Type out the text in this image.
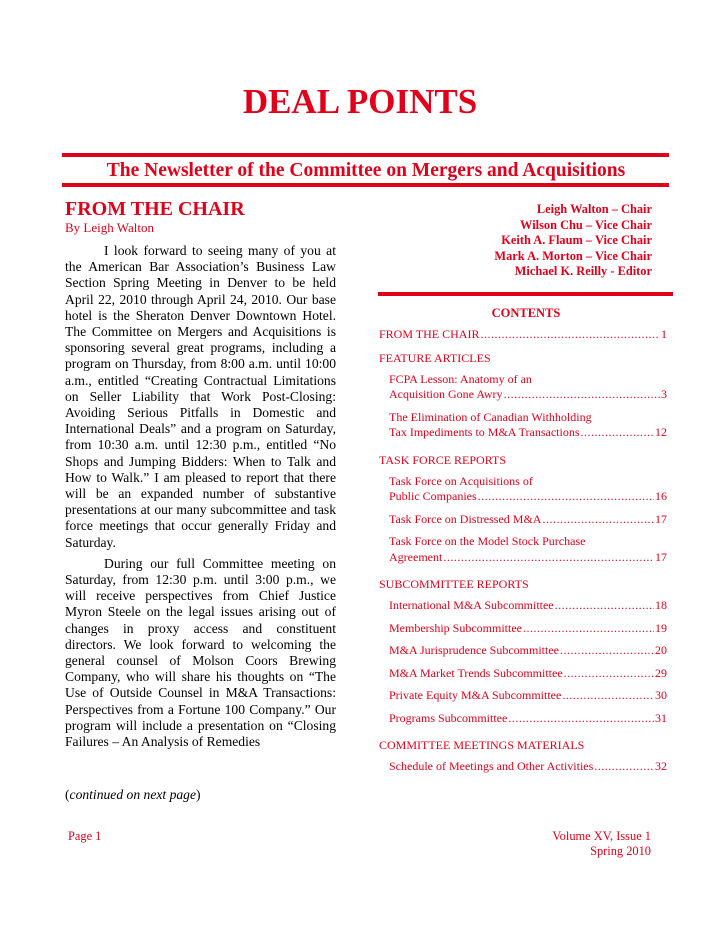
DEAL POINTS
The Newsletter of the Committee on Mergers and Acquisitions
FROM THE CHAIR
By Leigh Walton

I look forward to seeing many of you at the American Bar Association’s Business Law Section Spring Meeting in Denver to be held April 22, 2010 through April 24, 2010. Our base hotel is the Sheraton Denver Downtown Hotel. The Committee on Mergers and Acquisitions is sponsoring several great programs, including a program on Thursday, from 8:00 a.m. until 10:00 a.m., entitled “Creating Contractual Limitations on Seller Liability that Work Post-Closing: Avoiding Serious Pitfalls in Domestic and International Deals” and a program on Saturday, from 10:30 a.m. until 12:30 p.m., entitled “No Shops and Jumping Bidders: When to Talk and How to Walk.” I am pleased to report that there will be an expanded number of substantive presentations at our many subcommittee and task force meetings that occur generally Friday and Saturday.

During our full Committee meeting on Saturday, from 12:30 p.m. until 3:00 p.m., we will receive perspectives from Chief Justice Myron Steele on the legal issues arising out of changes in proxy access and constituent directors. We look forward to welcoming the general counsel of Molson Coors Brewing Company, who will share his thoughts on “The Use of Outside Counsel in M&A Transactions: Perspectives from a Fortune 100 Company.” Our program will include a presentation on “Closing Failures – An Analysis of Remedies

(continued on next page)
Leigh Walton – Chair
Wilson Chu – Vice Chair
Keith A. Flaum – Vice Chair
Mark A. Morton – Vice Chair
Michael K. Reilly - Editor
CONTENTS
FROM THE CHAIR .....	1
FEATURE ARTICLES
FCPA Lesson: Anatomy of an
Acquisition Gone Awry .....	3
The Elimination of Canadian Withholding
Tax Impediments to M&A Transactions .....	12
TASK FORCE REPORTS
Task Force on Acquisitions of
Public Companies .....	16
Task Force on Distressed M&A .....	17
Task Force on the Model Stock Purchase
Agreement .....	17
SUBCOMMITTEE REPORTS
International M&A Subcommittee .....	18
Membership Subcommittee .....	19
M&A Jurisprudence Subcommittee .....	20
M&A Market Trends Subcommittee .....	29
Private Equity M&A Subcommittee .....	30
Programs Subcommittee .....	31
COMMITTEE MEETINGS MATERIALS
Schedule of Meetings and Other Activities .....	32
Page 1	Volume XV, Issue 1
Spring 2010
